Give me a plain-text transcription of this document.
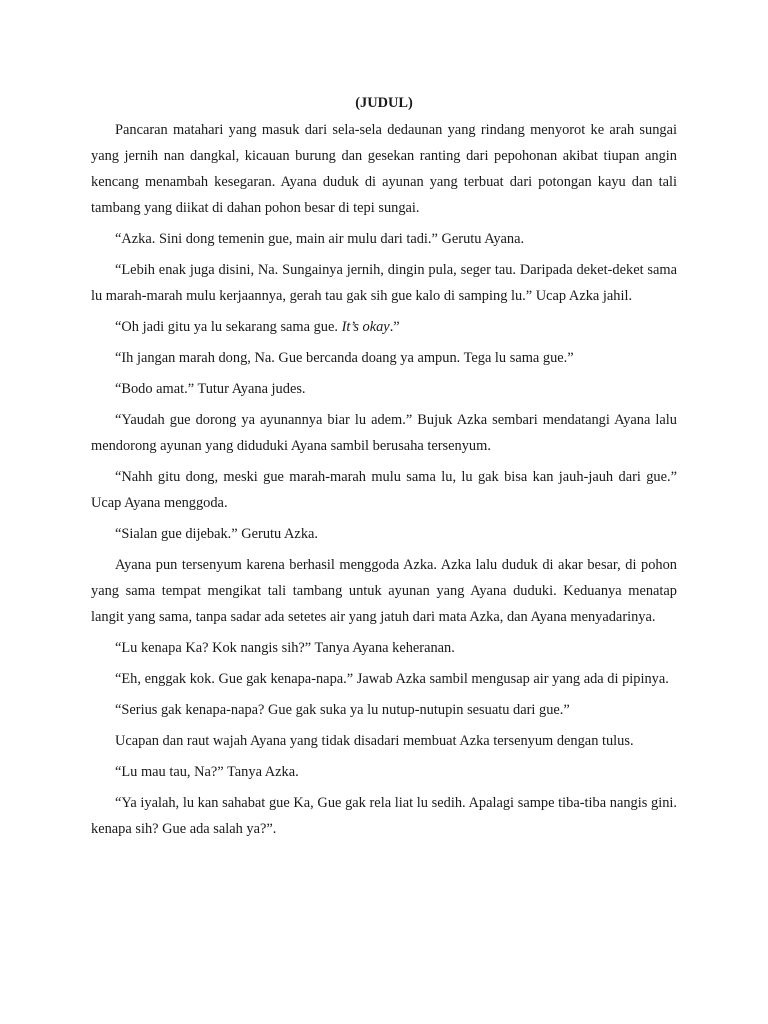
(JUDUL)

Pancaran matahari yang masuk dari sela-sela dedaunan yang rindang menyorot ke arah sungai yang jernih nan dangkal, kicauan burung dan gesekan ranting dari pepohonan akibat tiupan angin kencang menambah kesegaran. Ayana duduk di ayunan yang terbuat dari potongan kayu dan tali tambang yang diikat di dahan pohon besar di tepi sungai.

“Azka. Sini dong temenin gue, main air mulu dari tadi.” Gerutu Ayana.

“Lebih enak juga disini, Na. Sungainya jernih, dingin pula, seger tau. Daripada deket-deket sama lu marah-marah mulu kerjaannya, gerah tau gak sih gue kalo di samping lu.” Ucap Azka jahil.

“Oh jadi gitu ya lu sekarang sama gue. It’s okay.”

“Ih jangan marah dong, Na. Gue bercanda doang ya ampun. Tega lu sama gue.”

“Bodo amat.” Tutur Ayana judes.

“Yaudah gue dorong ya ayunannya biar lu adem.” Bujuk Azka sembari mendatangi Ayana lalu mendorong ayunan yang diduduki Ayana sambil berusaha tersenyum.

“Nahh gitu dong, meski gue marah-marah mulu sama lu, lu gak bisa kan jauh-jauh dari gue.” Ucap Ayana menggoda.

“Sialan gue dijebak.” Gerutu Azka.

Ayana pun tersenyum karena berhasil menggoda Azka. Azka lalu duduk di akar besar, di pohon yang sama tempat mengikat tali tambang untuk ayunan yang Ayana duduki. Keduanya menatap langit yang sama, tanpa sadar ada setetes air yang jatuh dari mata Azka, dan Ayana menyadarinya.

“Lu kenapa Ka? Kok nangis sih?” Tanya Ayana keheranan.

“Eh, enggak kok. Gue gak kenapa-napa.” Jawab Azka sambil mengusap air yang ada di pipinya.

“Serius gak kenapa-napa? Gue gak suka ya lu nutup-nutupin sesuatu dari gue.”

Ucapan dan raut wajah Ayana yang tidak disadari membuat Azka tersenyum dengan tulus.

“Lu mau tau, Na?” Tanya Azka.

“Ya iyalah, lu kan sahabat gue Ka, Gue gak rela liat lu sedih. Apalagi sampe tiba-tiba nangis gini. kenapa sih? Gue ada salah ya?”.
